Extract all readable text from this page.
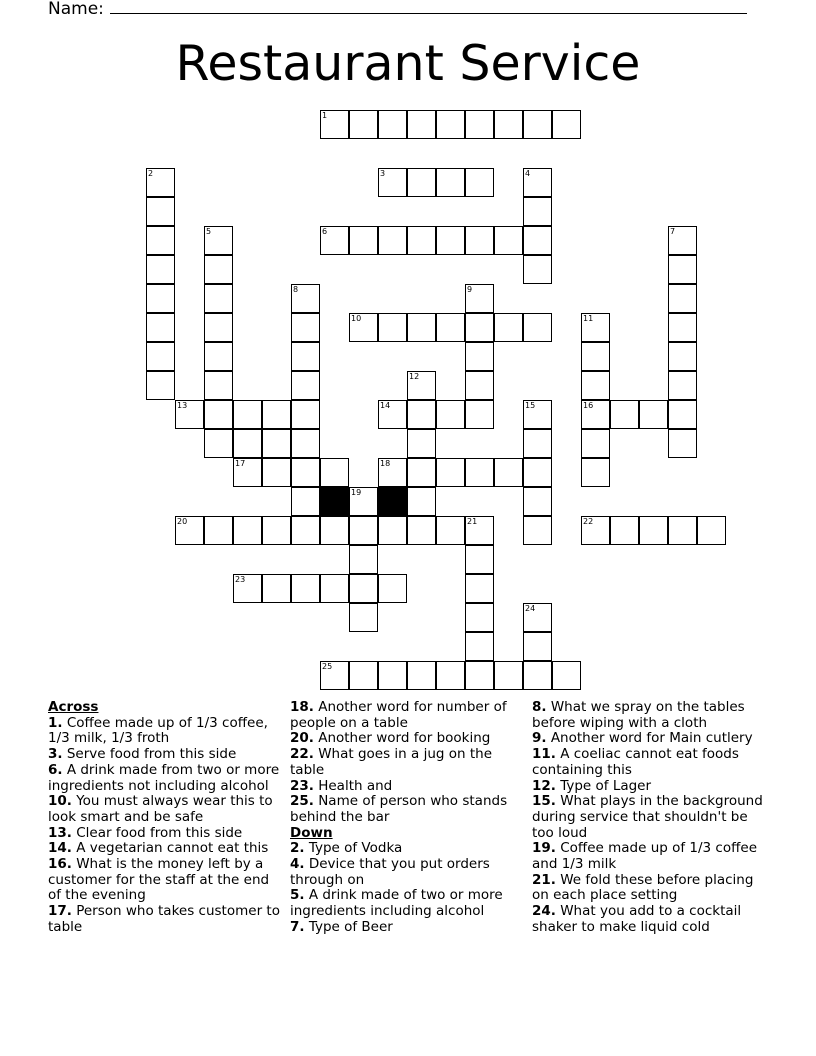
Name:
Restaurant Service
1
2	3	4
5	6	7
8	9
10	11
12
13	14	15	16
17	18
19
20	21	22
23
24
25
Across
1. Coffee made up of 1/3 coffee, 1/3 milk, 1/3 froth
3. Serve food from this side
6. A drink made from two or more ingredients not including alcohol
10. You must always wear this to look smart and be safe
13. Clear food from this side
14. A vegetarian cannot eat this
16. What is the money left by a customer for the staff at the end of the evening
17. Person who takes customer to table
18. Another word for number of people on a table
20. Another word for booking
22. What goes in a jug on the table
23. Health and
25. Name of person who stands behind the bar
Down
2. Type of Vodka
4. Device that you put orders through on
5. A drink made of two or more ingredients including alcohol
7. Type of Beer
8. What we spray on the tables before wiping with a cloth
9. Another word for Main cutlery
11. A coeliac cannot eat foods containing this
12. Type of Lager
15. What plays in the background during service that shouldn't be too loud
19. Coffee made up of 1/3 coffee and 1/3 milk
21. We fold these before placing on each place setting
24. What you add to a cocktail shaker to make liquid cold
